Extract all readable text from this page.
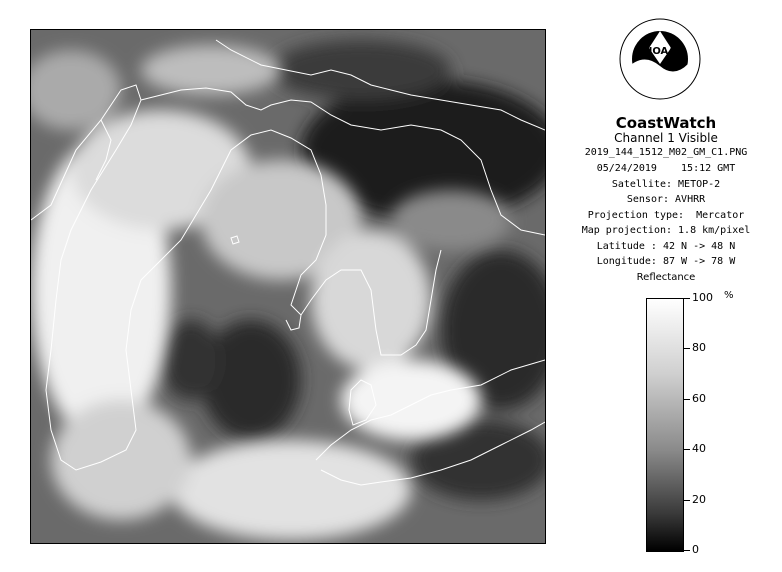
NOAA
CoastWatch
Channel 1 Visible
2019_144_1512_M02_GM_C1.PNG
05/24/2019    15:12 GMT
Satellite: METOP-2
Sensor: AVHRR
Projection type:  Mercator
Map projection: 1.8 km/pixel
Latitude : 42 N -> 48 N
Longitude: 87 W -> 78 W
Reflectance
%
100
80
60
40
20
0
